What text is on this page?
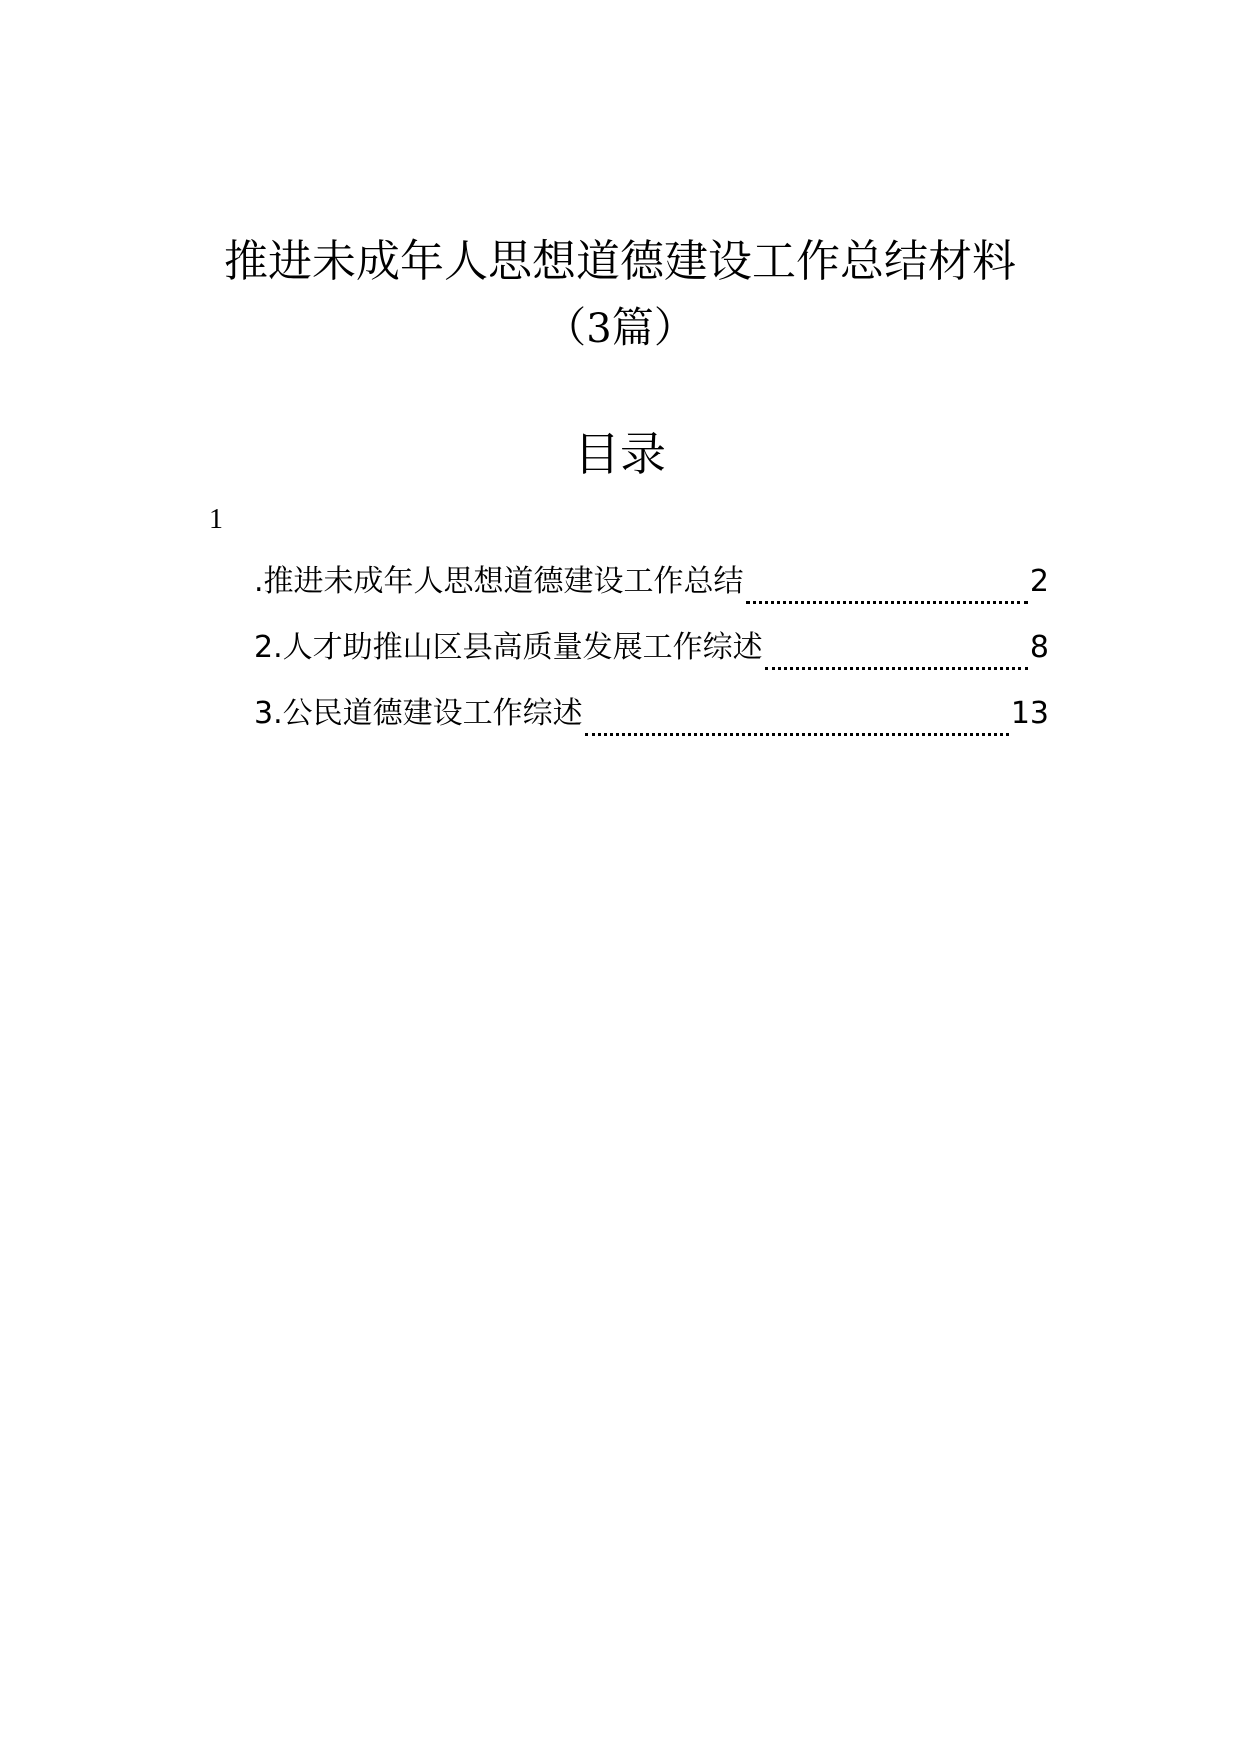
推进未成年人思想道德建设工作总结材料
（3篇）
目录
1
.推进未成年人思想道德建设工作总结	2
2.人才助推山区县高质量发展工作综述	8
3.公民道德建设工作综述	13
